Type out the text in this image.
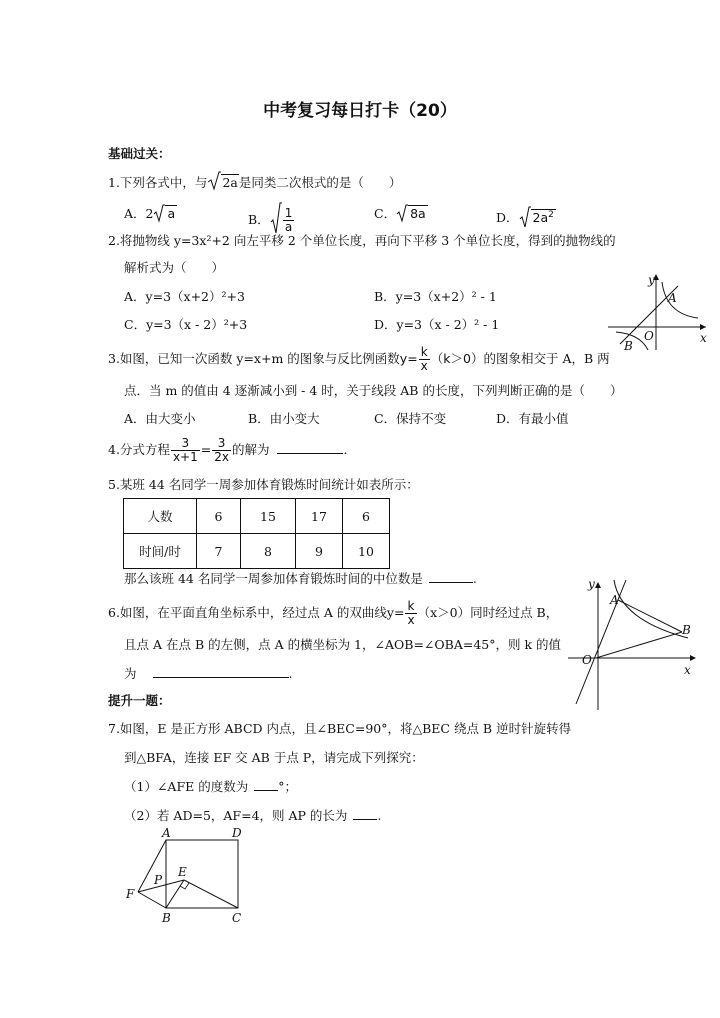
中考复习每日打卡（20）
基础过关：
1.下列各式中，与 2a是同类二次根式的是（　　）
A．2 a	B． $\frac{1}{a}$	C． 8a	D． $2a^2$
2.将抛物线 y=3x²+2 向左平移 2 个单位长度，再向下平移 3 个单位长度，得到的抛物线的
解析式为（　　）
A．y=3（x+2）²+3	B．y=3（x+2）² - 1
C．y=3（x - 2）²+3	D．y=3（x - 2）² - 1
y
x
A
B
O
3.如图，已知一次函数 y=x+m 的图象与反比例函数$y= \frac{k}{x} (k>0)$的图象相交于 A，B 两
点．当 m 的值由 4 逐渐减小到 - 4 时，关于线段 AB 的长度，下列判断正确的是（　　）
A．由大变小	B．由小变大	C．保持不变	D．有最小值
4.分式方程 $\frac{3}{x+1} = \frac{3}{2x}$ 的解为	.
5.某班 44 名同学一周参加体育锻炼时间统计如表所示：
人数	6	15	17	6
时间/时	7	8	9	10
那么该班 44 名同学一周参加体育锻炼时间的中位数是	.	y
x
A
B
O
6.如图，在平面直角坐标系中，经过点 A 的双曲线$y= \frac{k}{x} (x>0)$同时经过点 B，
且点 A 在点 B 的左侧，点 A 的横坐标为 1，∠AOB=∠OBA=45°，则 k 的值
为	.
提升一题：
7.如图，E 是正方形 ABCD 内点，且∠BEC=90°，将△BEC 绕点 B 逆时针旋转得
到△BFA，连接 EF 交 AB 于点 P，请完成下列探究：
（1）∠AFE 的度数为 °；
（2）若 AD=5，AF=4，则 AP 的长为 .
A	D
E
P
F
B	C
